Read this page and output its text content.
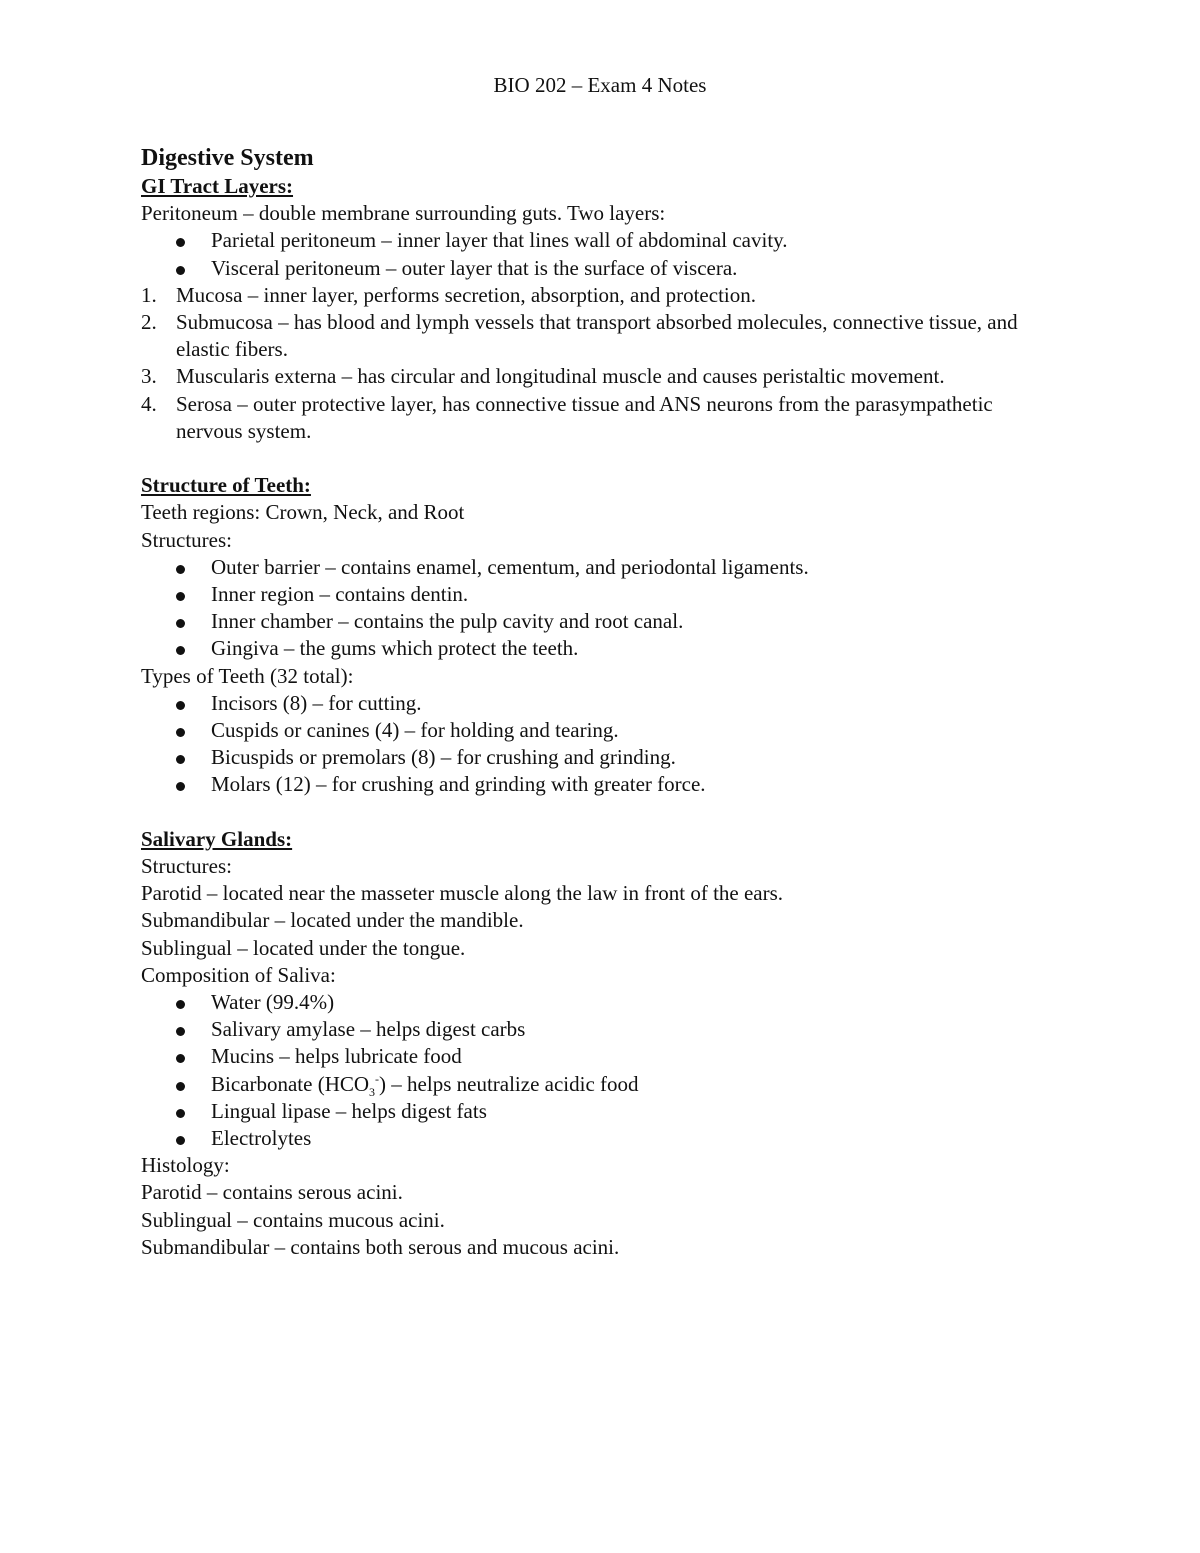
BIO 202 – Exam 4 Notes
Digestive System
GI Tract Layers:
Peritoneum – double membrane surrounding guts. Two layers:
Parietal peritoneum – inner layer that lines wall of abdominal cavity.
Visceral peritoneum – outer layer that is the surface of viscera.
1. Mucosa – inner layer, performs secretion, absorption, and protection.
2. Submucosa – has blood and lymph vessels that transport absorbed molecules, connective tissue, and elastic fibers.
3. Muscularis externa – has circular and longitudinal muscle and causes peristaltic movement.
4. Serosa – outer protective layer, has connective tissue and ANS neurons from the parasympathetic nervous system.
Structure of Teeth:
Teeth regions: Crown, Neck, and Root
Structures:
Outer barrier – contains enamel, cementum, and periodontal ligaments.
Inner region – contains dentin.
Inner chamber – contains the pulp cavity and root canal.
Gingiva – the gums which protect the teeth.
Types of Teeth (32 total):
Incisors (8) – for cutting.
Cuspids or canines (4) – for holding and tearing.
Bicuspids or premolars (8) – for crushing and grinding.
Molars (12) – for crushing and grinding with greater force.
Salivary Glands:
Structures:
Parotid – located near the masseter muscle along the law in front of the ears.
Submandibular – located under the mandible.
Sublingual – located under the tongue.
Composition of Saliva:
Water (99.4%)
Salivary amylase – helps digest carbs
Mucins – helps lubricate food
Bicarbonate $(HCO_3^-)$ – helps neutralize acidic food
Lingual lipase – helps digest fats
Electrolytes
Histology:
Parotid – contains serous acini.
Sublingual – contains mucous acini.
Submandibular – contains both serous and mucous acini.
